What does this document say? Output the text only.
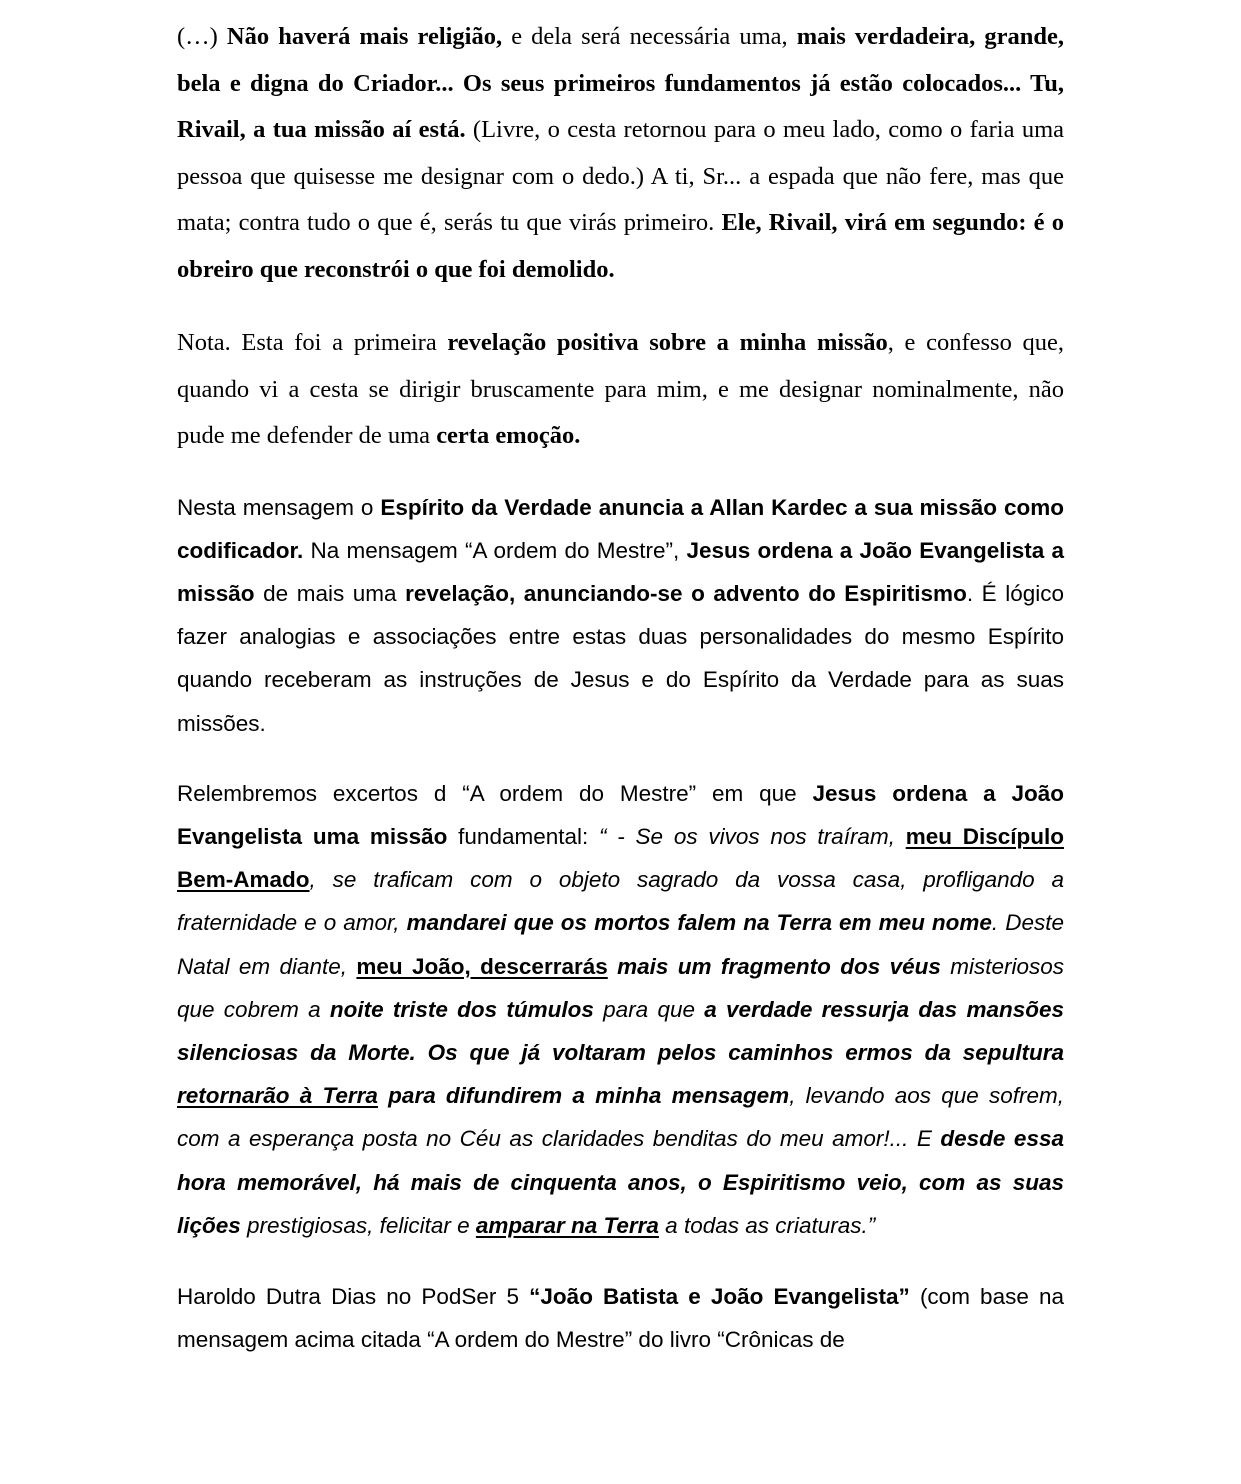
(…) Não haverá mais religião, e dela será necessária uma, mais verdadeira, grande, bela e digna do Criador... Os seus primeiros fundamentos já estão colocados... Tu, Rivail, a tua missão aí está. (Livre, o cesta retornou para o meu lado, como o faria uma pessoa que quisesse me designar com o dedo.) A ti, Sr... a espada que não fere, mas que mata; contra tudo o que é, serás tu que virás primeiro. Ele, Rivail, virá em segundo: é o obreiro que reconstrói o que foi demolido.

Nota. Esta foi a primeira revelação positiva sobre a minha missão, e confesso que, quando vi a cesta se dirigir bruscamente para mim, e me designar nominalmente, não pude me defender de uma certa emoção.

Nesta mensagem o Espírito da Verdade anuncia a Allan Kardec a sua missão como codificador. Na mensagem “A ordem do Mestre”, Jesus ordena a João Evangelista a missão de mais uma revelação, anunciando-se o advento do Espiritismo. É lógico fazer analogias e associações entre estas duas personalidades do mesmo Espírito quando receberam as instruções de Jesus e do Espírito da Verdade para as suas missões.

Relembremos excertos d “A ordem do Mestre” em que Jesus ordena a João Evangelista uma missão fundamental: “ - Se os vivos nos traíram, meu Discípulo Bem-Amado, se traficam com o objeto sagrado da vossa casa, profligando a fraternidade e o amor, mandarei que os mortos falem na Terra em meu nome. Deste Natal em diante, meu João, descerrarás mais um fragmento dos véus misteriosos que cobrem a noite triste dos túmulos para que a verdade ressurja das mansões silenciosas da Morte. Os que já voltaram pelos caminhos ermos da sepultura retornarão à Terra para difundirem a minha mensagem, levando aos que sofrem, com a esperança posta no Céu as claridades benditas do meu amor!... E desde essa hora memorável, há mais de cinquenta anos, o Espiritismo veio, com as suas lições prestigiosas, felicitar e amparar na Terra a todas as criaturas.”

Haroldo Dutra Dias no PodSer 5 “João Batista e João Evangelista” (com base na mensagem acima citada “A ordem do Mestre” do livro “Crônicas de
